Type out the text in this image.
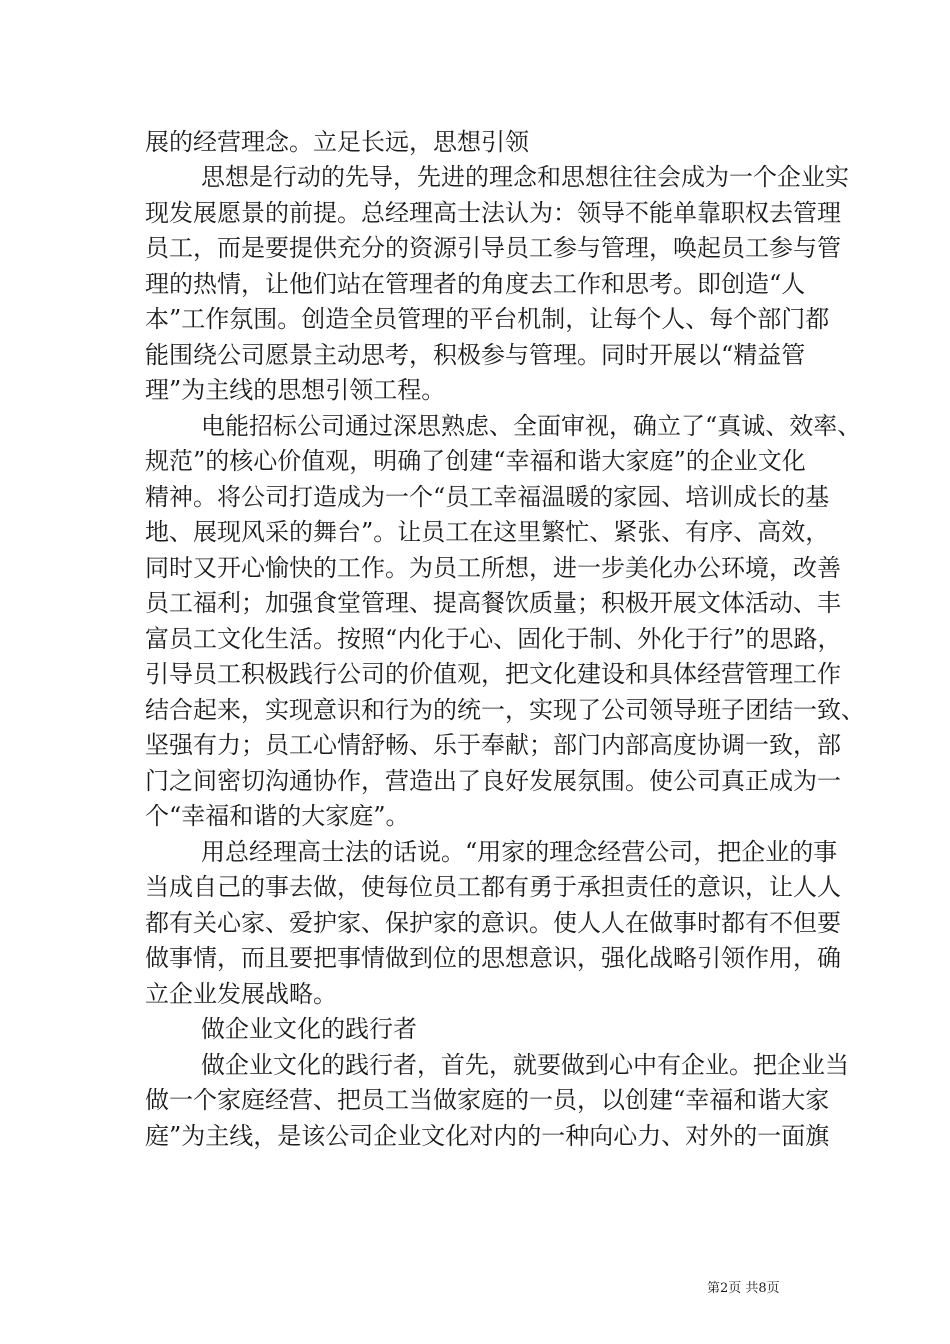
展的经营理念。立足长远，思想引领
思想是行动的先导，先进的理念和思想往往会成为一个企业实
现发展愿景的前提。总经理高士法认为：领导不能单靠职权去管理
员工，而是要提供充分的资源引导员工参与管理，唤起员工参与管
理的热情，让他们站在管理者的角度去工作和思考。即创造“人
本”工作氛围。创造全员管理的平台机制，让每个人、每个部门都
能围绕公司愿景主动思考，积极参与管理。同时开展以“精益管
理”为主线的思想引领工程。
电能招标公司通过深思熟虑、全面审视，确立了“真诚、效率、
规范”的核心价值观，明确了创建“幸福和谐大家庭”的企业文化
精神。将公司打造成为一个“员工幸福温暖的家园、培训成长的基
地、展现风采的舞台”。让员工在这里繁忙、紧张、有序、高效，
同时又开心愉快的工作。为员工所想，进一步美化办公环境，改善
员工福利；加强食堂管理、提高餐饮质量；积极开展文体活动、丰
富员工文化生活。按照“内化于心、固化于制、外化于行”的思路，
引导员工积极践行公司的价值观，把文化建设和具体经营管理工作
结合起来，实现意识和行为的统一，实现了公司领导班子团结一致、
坚强有力；员工心情舒畅、乐于奉献；部门内部高度协调一致，部
门之间密切沟通协作，营造出了良好发展氛围。使公司真正成为一
个“幸福和谐的大家庭”。
用总经理高士法的话说。“用家的理念经营公司，把企业的事
当成自己的事去做，使每位员工都有勇于承担责任的意识，让人人
都有关心家、爱护家、保护家的意识。使人人在做事时都有不但要
做事情，而且要把事情做到位的思想意识，强化战略引领作用，确
立企业发展战略。
做企业文化的践行者
做企业文化的践行者，首先，就要做到心中有企业。把企业当
做一个家庭经营、把员工当做家庭的一员，以创建“幸福和谐大家
庭”为主线，是该公司企业文化对内的一种向心力、对外的一面旗
第2页 共8页
